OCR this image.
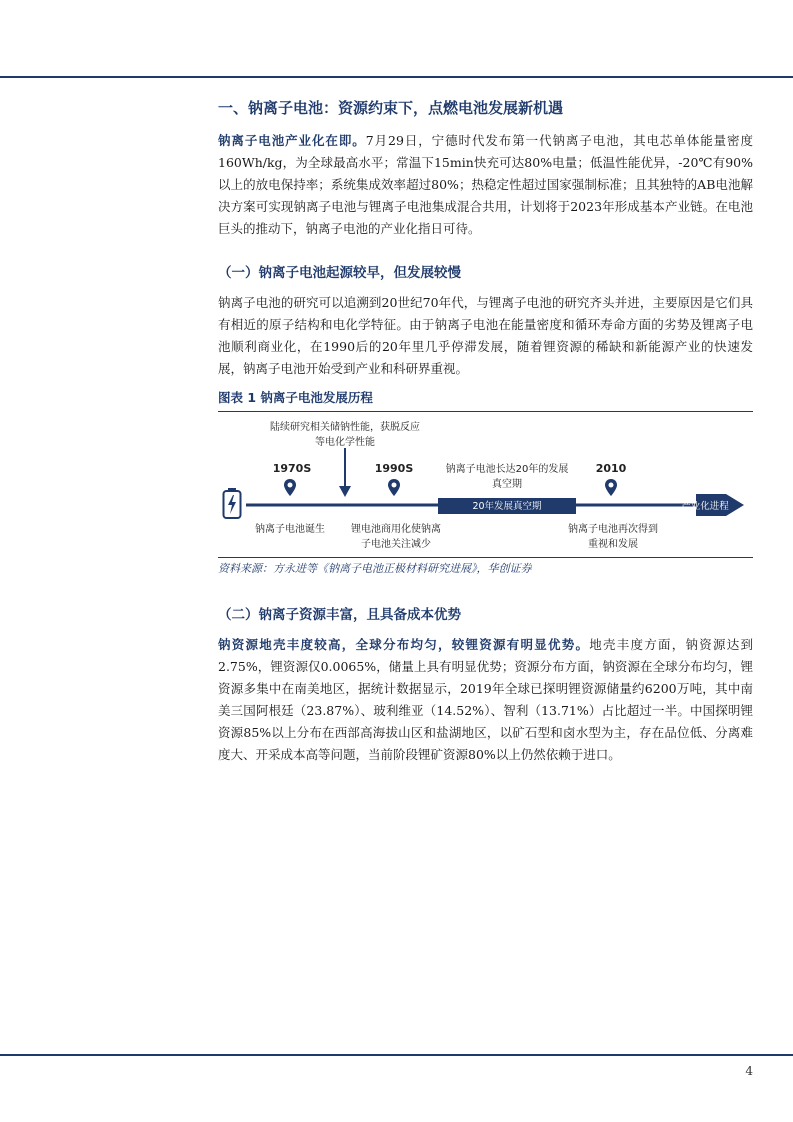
一、钠离子电池：资源约束下，点燃电池发展新机遇

钠离子电池产业化在即。7月29日，宁德时代发布第一代钠离子电池，其电芯单体能量密度160Wh/kg，为全球最高水平；常温下15min快充可达80%电量；低温性能优异，-20℃有90%以上的放电保持率；系统集成效率超过80%；热稳定性超过国家强制标准；且其独特的AB电池解决方案可实现钠离子电池与锂离子电池集成混合共用，计划将于2023年形成基本产业链。在电池巨头的推动下，钠离子电池的产业化指日可待。

（一）钠离子电池起源较早，但发展较慢

钠离子电池的研究可以追溯到20世纪70年代，与锂离子电池的研究齐头并进，主要原因是它们具有相近的原子结构和电化学特征。由于钠离子电池在能量密度和循环寿命方面的劣势及锂离子电池顺利商业化，在1990后的20年里几乎停滞发展，随着锂资源的稀缺和新能源产业的快速发展，钠离子电池开始受到产业和科研界重视。

图表 1 钠离子电池发展历程
陆续研究相关储钠性能，获脱反应等电化学性能
1970S	1990S	2010
20年发展真空期
钠离子电池长达20年的发展真空期
产业化进程
钠离子电池诞生	锂电池商用化使钠离子电池关注减少
钠离子电池再次得到重视和发展
资料来源：方永进等《钠离子电池正极材料研究进展》，华创证券
（二）钠离子资源丰富，且具备成本优势

钠资源地壳丰度较高，全球分布均匀，较锂资源有明显优势。地壳丰度方面，钠资源达到2.75%，锂资源仅0.0065%，储量上具有明显优势；资源分布方面，钠资源在全球分布均匀，锂资源多集中在南美地区，据统计数据显示，2019年全球已探明锂资源储量约6200万吨，其中南美三国阿根廷（23.87%）、玻利维亚（14.52%）、智利（13.71%）占比超过一半。中国探明锂资源85%以上分布在西部高海拔山区和盐湖地区，以矿石型和卤水型为主，存在品位低、分离难度大、开采成本高等问题，当前阶段锂矿资源80%以上仍然依赖于进口。

4
